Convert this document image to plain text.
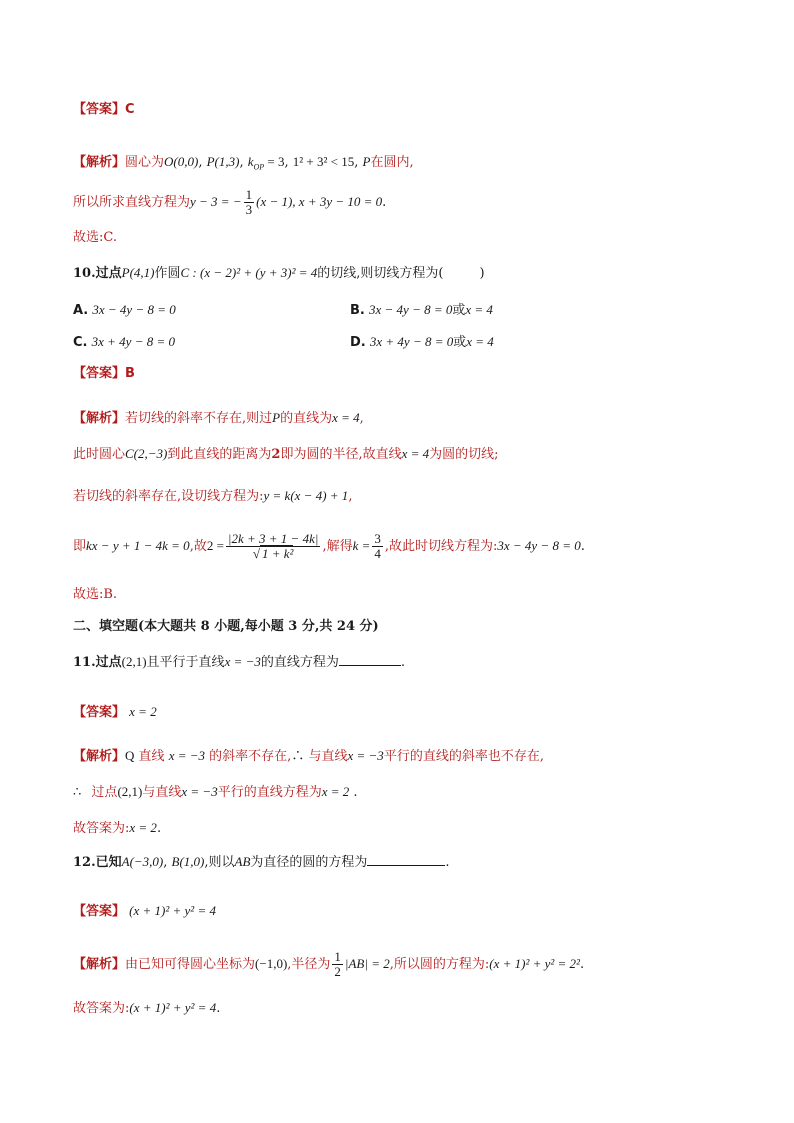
【答案】C
【解析】圆心为O(0,0), P(1,3), $k_{OP} = 3$, 1² + 3² < 15, P在圆内,
所以所求直线方程为y − 3 = − $\frac{1}{3} (x - 1)$, x + 3y − 10 = 0.
故选:C.
10.过点P(4,1)作圆C : (x − 2)² + (y + 3)² = 4的切线,则切线方程为(	)
A. 3x − 4y − 8 = 0	B. 3x − 4y − 8 = 0或x = 4
C. 3x + 4y − 8 = 0	D. 3x + 4y − 8 = 0或x = 4
【答案】B
【解析】若切线的斜率不存在,则过P的直线为x = 4,
此时圆心C(2,−3)到此直线的距离为2即为圆的半径,故直线x = 4为圆的切线;
若切线的斜率存在,设切线方程为:y = k(x − 4) + 1,
即kx − y + 1 − 4k = 0,故$2 = \frac{|2k + 3 + 1 - 4k|}{\text{√ 1 + k²}}$ ,解得$k = \frac{3}{4}$ ,故此时切线方程为:3x − 4y − 8 = 0.
故选:B.
二、填空题(本大题共 8 小题,每小题 3 分,共 24 分)
11.过点(2,1)且平行于直线x = −3的直线方程为	.
【答案】 x = 2
【解析】Q 直线 x = −3 的斜率不存在,∴ 与直线x = −3平行的直线的斜率也不存在,
∴ 过点(2,1)与直线x = −3平行的直线方程为x = 2 .
故答案为:x = 2.
12.已知A(−3,0), B(1,0),则以AB为直径的圆的方程为	.
【答案】 (x + 1)² + y² = 4
【解析】由已知可得圆心坐标为(−1,0),半径为 $\frac{1}{2} |AB| = 2$,所以圆的方程为:(x + 1)² + y² = 2².
故答案为:(x + 1)² + y² = 4.
